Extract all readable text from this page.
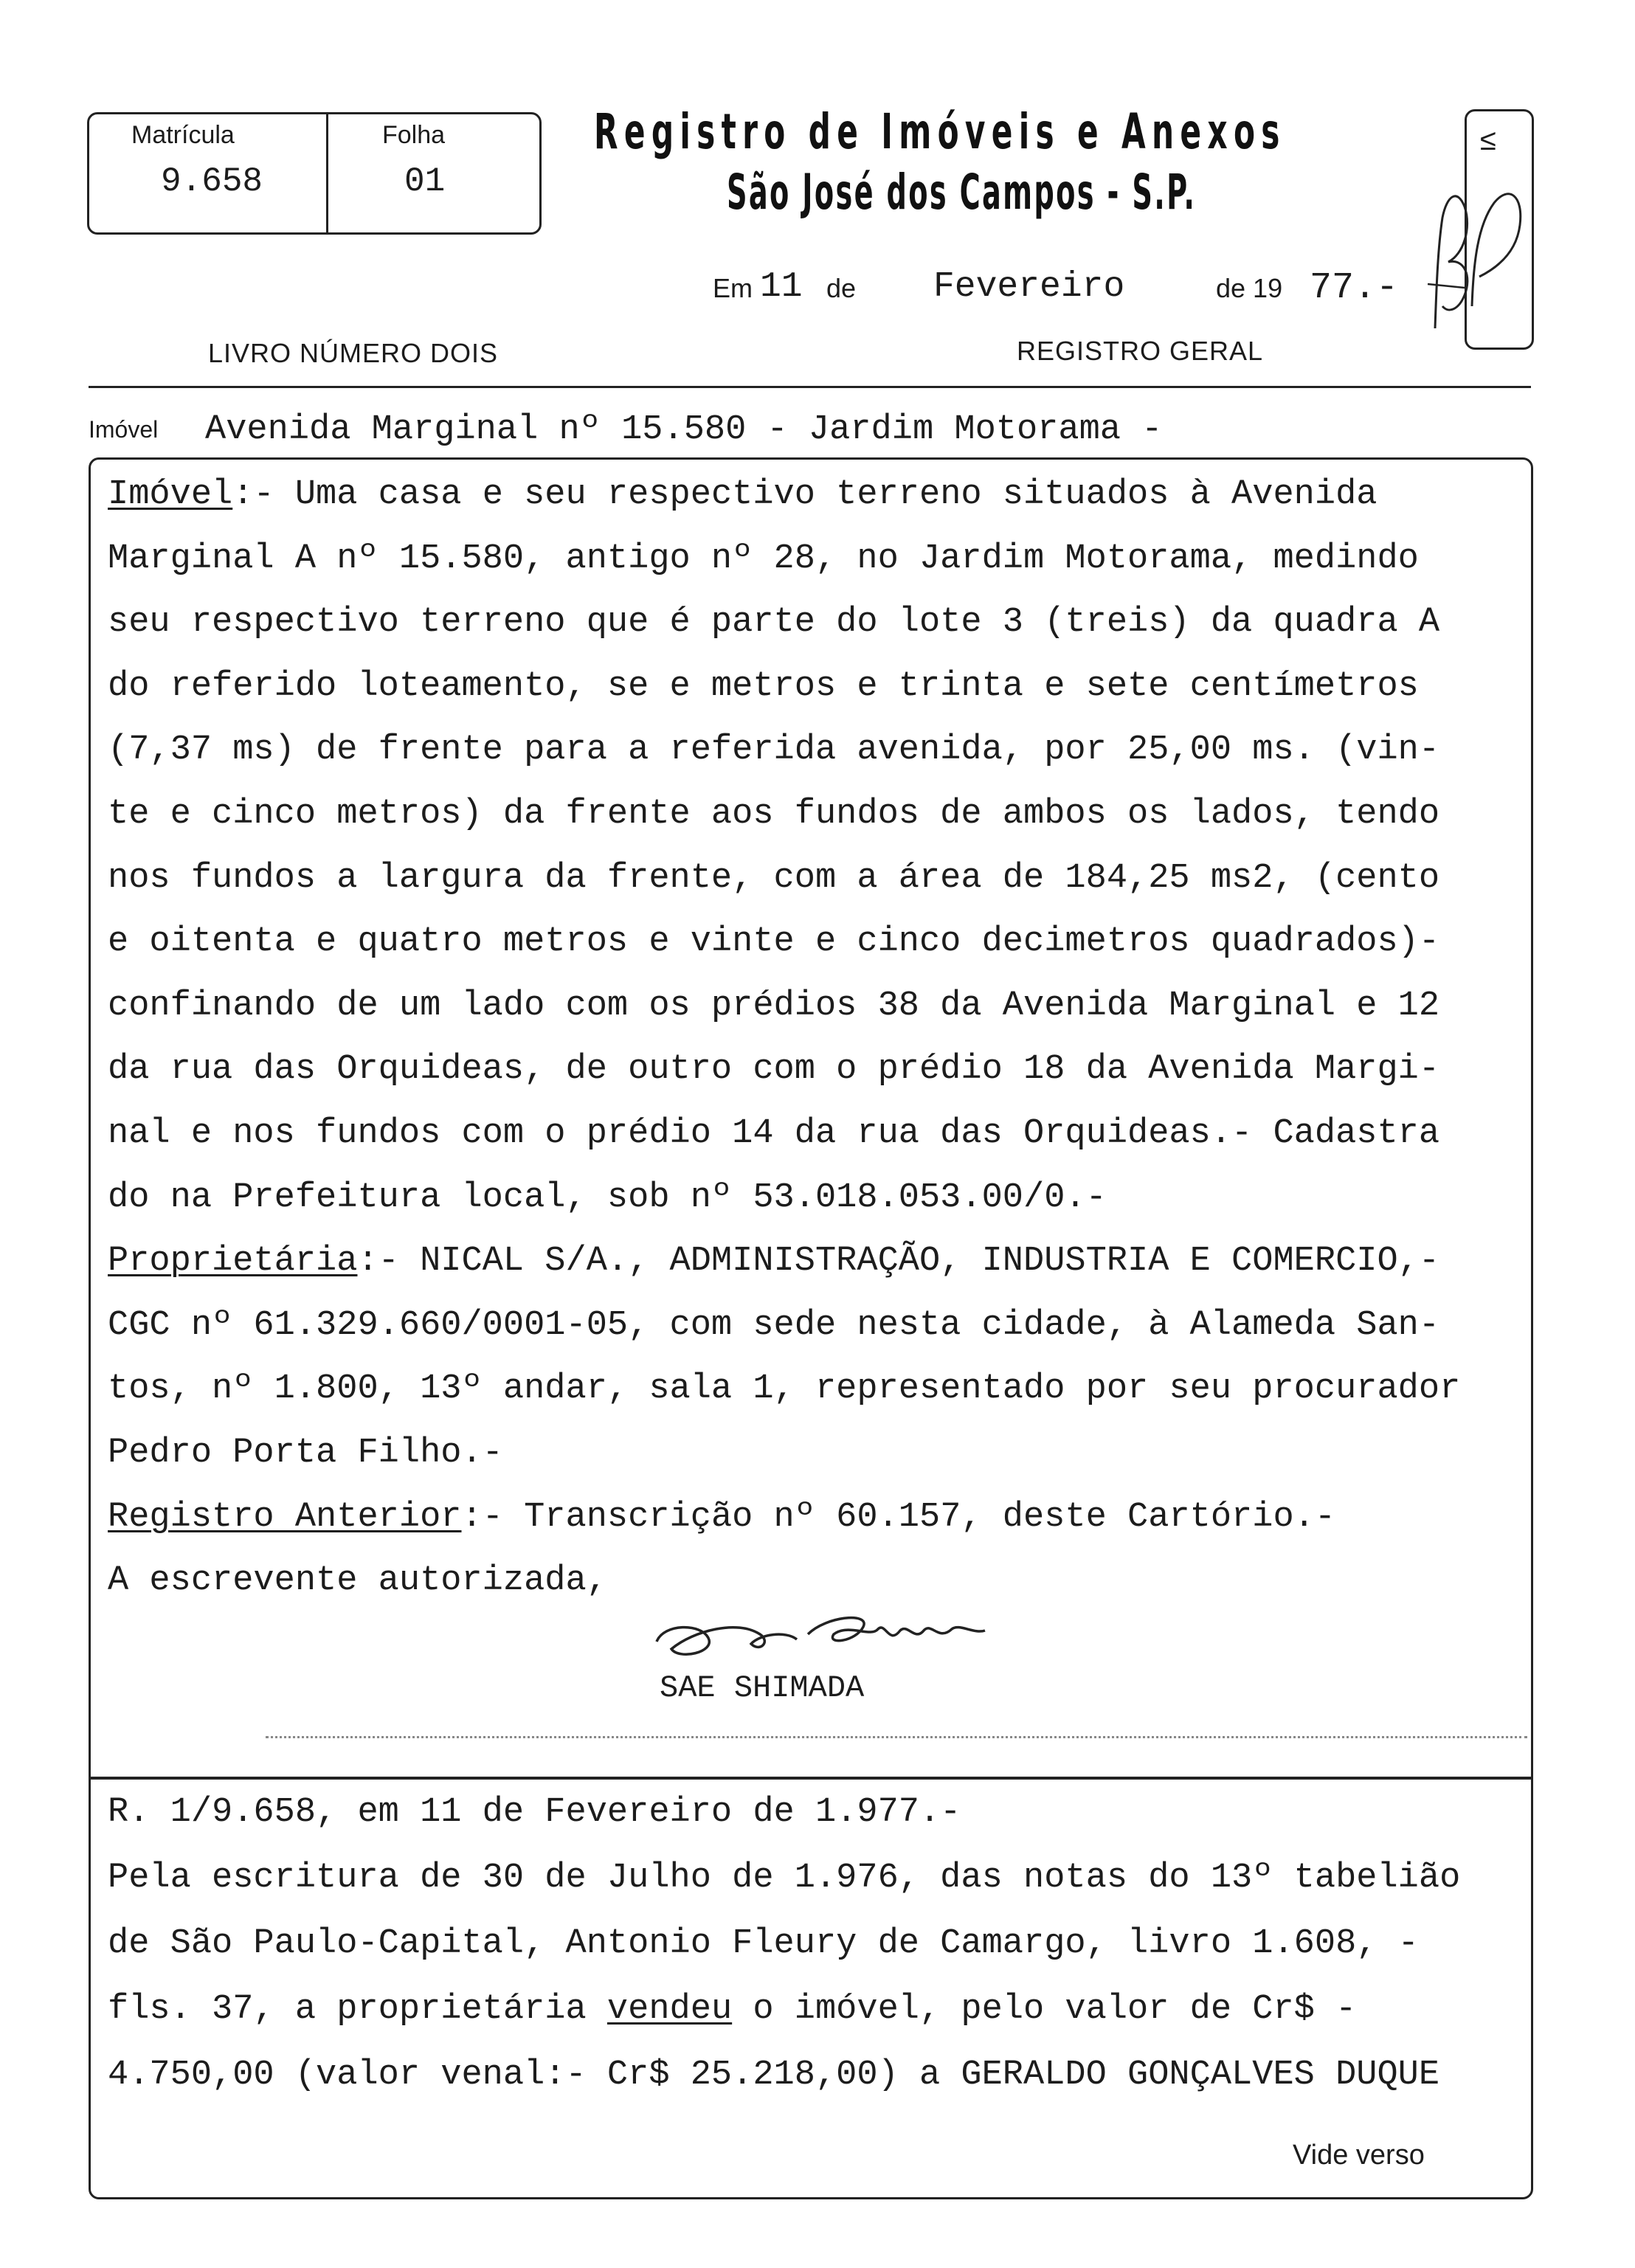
Matrícula
9.658
Folha
01
Registro de Imóveis e Anexos
São José dos Campos - S.P.
Em 11 de Fevereiro	de 19 77.-
LIVRO NÚMERO DOIS	REGISTRO GERAL
≤
Imóvel Avenida Marginal nº 15.580 - Jardim Motorama -
Imóvel:- Uma casa e seu respectivo terreno situados à Avenida
Marginal A nº 15.580, antigo nº 28, no Jardim Motorama, medindo
seu respectivo terreno que é parte do lote 3 (treis) da quadra A
do referido loteamento, se e metros e trinta e sete centímetros
(7,37 ms) de frente para a referida avenida, por 25,00 ms. (vin-
te e cinco metros) da frente aos fundos de ambos os lados, tendo
nos fundos a largura da frente, com a área de 184,25 ms2, (cento
e oitenta e quatro metros e vinte e cinco decimetros quadrados)-
confinando de um lado com os prédios 38 da Avenida Marginal e 12
da rua das Orquideas, de outro com o prédio 18 da Avenida Margi-
nal e nos fundos com o prédio 14 da rua das Orquideas.- Cadastra
do na Prefeitura local, sob nº 53.018.053.00/0.-
Proprietária:- NICAL S/A., ADMINISTRAÇÃO, INDUSTRIA E COMERCIO,-
CGC nº 61.329.660/0001-05, com sede nesta cidade, à Alameda San-
tos, nº 1.800, 13º andar, sala 1, representado por seu procurador
Pedro Porta Filho.-
Registro Anterior:- Transcrição nº 60.157, deste Cartório.-
A escrevente autorizada,
SAE SHIMADA
R. 1/9.658, em 11 de Fevereiro de 1.977.-
Pela escritura de 30 de Julho de 1.976, das notas do 13º tabelião
de São Paulo-Capital, Antonio Fleury de Camargo, livro 1.608, -
fls. 37, a proprietária vendeu o imóvel, pelo valor de Cr$ -
4.750,00 (valor venal:- Cr$ 25.218,00) a GERALDO GONÇALVES DUQUE
Vide verso
